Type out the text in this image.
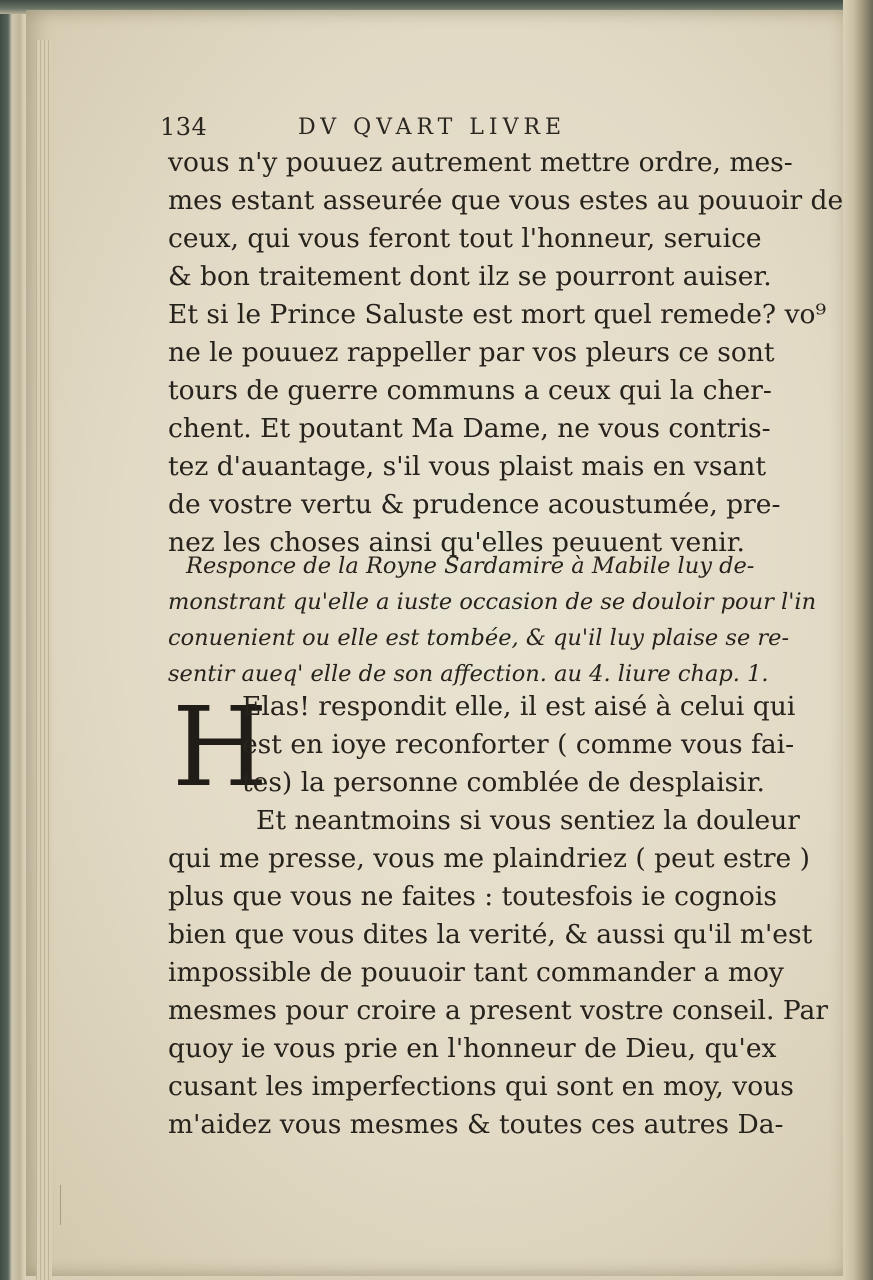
134	DV QVART LIVRE
vous n'y pouuez autrement mettre ordre, mes-
mes estant asseurée que vous estes au pouuoir de
ceux, qui vous feront tout l'honneur, seruice
& bon traitement dont ilz se pourront auiser.
Et si le Prince Saluste est mort quel remede? vo⁹
ne le pouuez rappeller par vos pleurs ce sont
tours de guerre communs a ceux qui la cher-
chent. Et poutant Ma Dame, ne vous contris-
tez d'auantage, s'il vous plaist mais en vsant
de vostre vertu & prudence acoustumée, pre-
nez les choses ainsi qu'elles peuuent venir.
Responce de la Royne Sardamire à Mabile luy de-
monstrant qu'elle a iuste occasion de se douloir pour l'in
conuenient ou elle est tombée, & qu'il luy plaise se re-
sentir aueq' elle de son affection. au 4. liure chap. 1.
H
Elas! respondit elle, il est aisé à celui qui
est en ioye reconforter ( comme vous fai-
tes) la personne comblée de desplaisir.
Et neantmoins si vous sentiez la douleur
qui me presse, vous me plaindriez ( peut estre )
plus que vous ne faites : toutesfois ie cognois
bien que vous dites la verité, & aussi qu'il m'est
impossible de pouuoir tant commander a moy
mesmes pour croire a present vostre conseil. Par
quoy ie vous prie en l'honneur de Dieu, qu'ex
cusant les imperfections qui sont en moy, vous
m'aidez vous mesmes & toutes ces autres Da-
